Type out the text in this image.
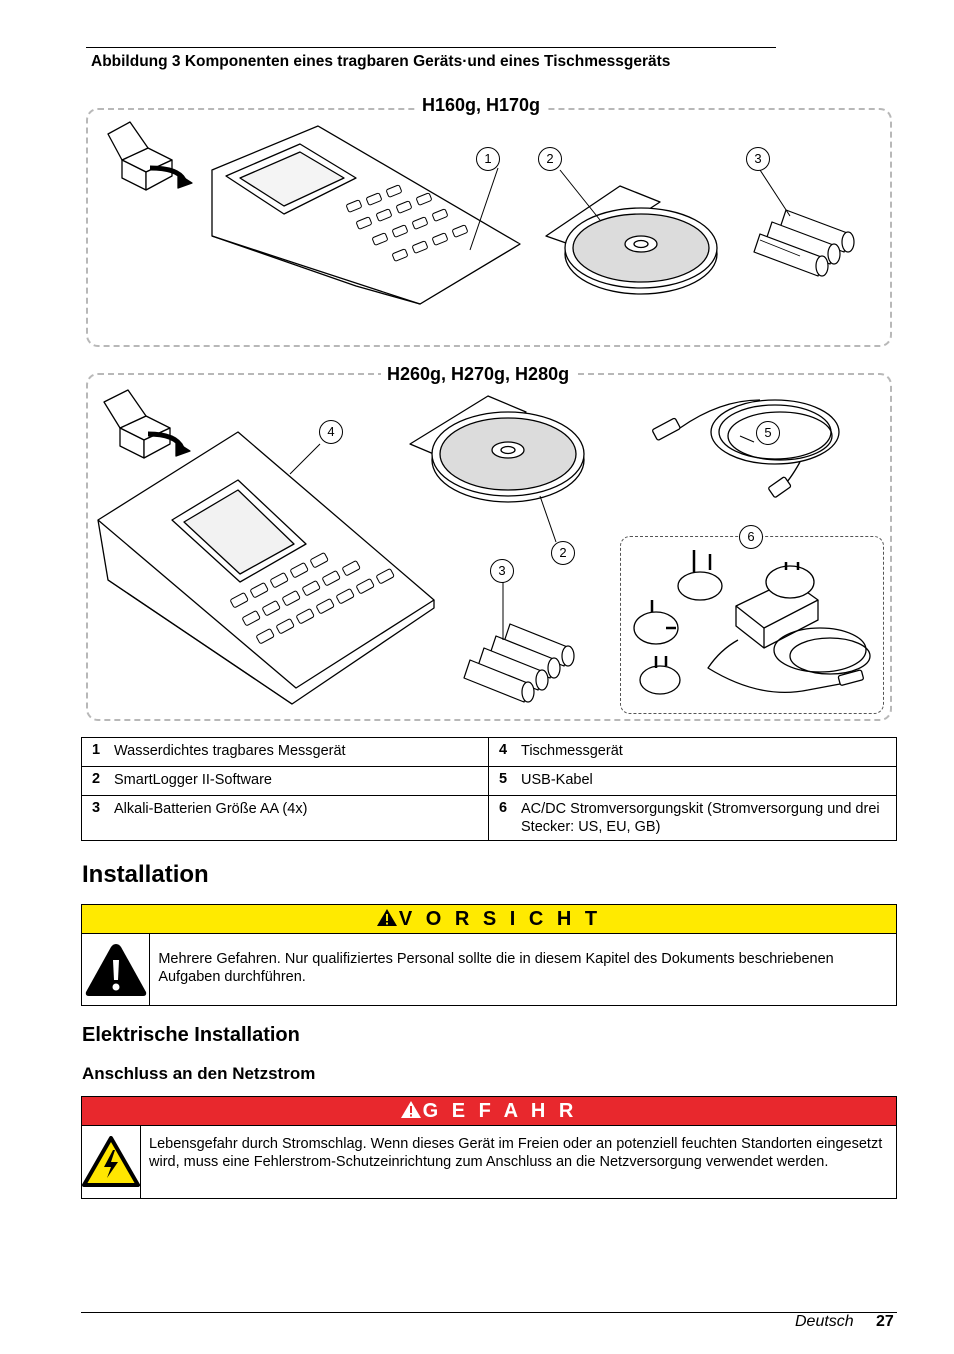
Abbildung 3 Komponenten eines tragbaren Geräts·und eines Tischmessgeräts
H160g, H170g
H260g, H270g, H280g
1	2	3
4	5
2
3
6
1 Wasserdichtes tragbares Messgerät	4 Tischmessgerät
2 SmartLogger II-Software	5 USB-Kabel
3 Alkali-Batterien Größe AA (4x)	6 AC/DC Stromversorgungskit (Stromversorgung und drei Stecker: US, EU, GB)
Installation
V O R S I C H T
Mehrere Gefahren. Nur qualifiziertes Personal sollte die in diesem Kapitel des Dokuments beschriebenen Aufgaben durchführen.
Elektrische Installation
Anschluss an den Netzstrom
G E F A H R
Lebensgefahr durch Stromschlag. Wenn dieses Gerät im Freien oder an potenziell feuchten Standorten eingesetzt wird, muss eine Fehlerstrom-Schutzeinrichtung zum Anschluss an die Netzversorgung verwendet werden.
Deutsch 27
